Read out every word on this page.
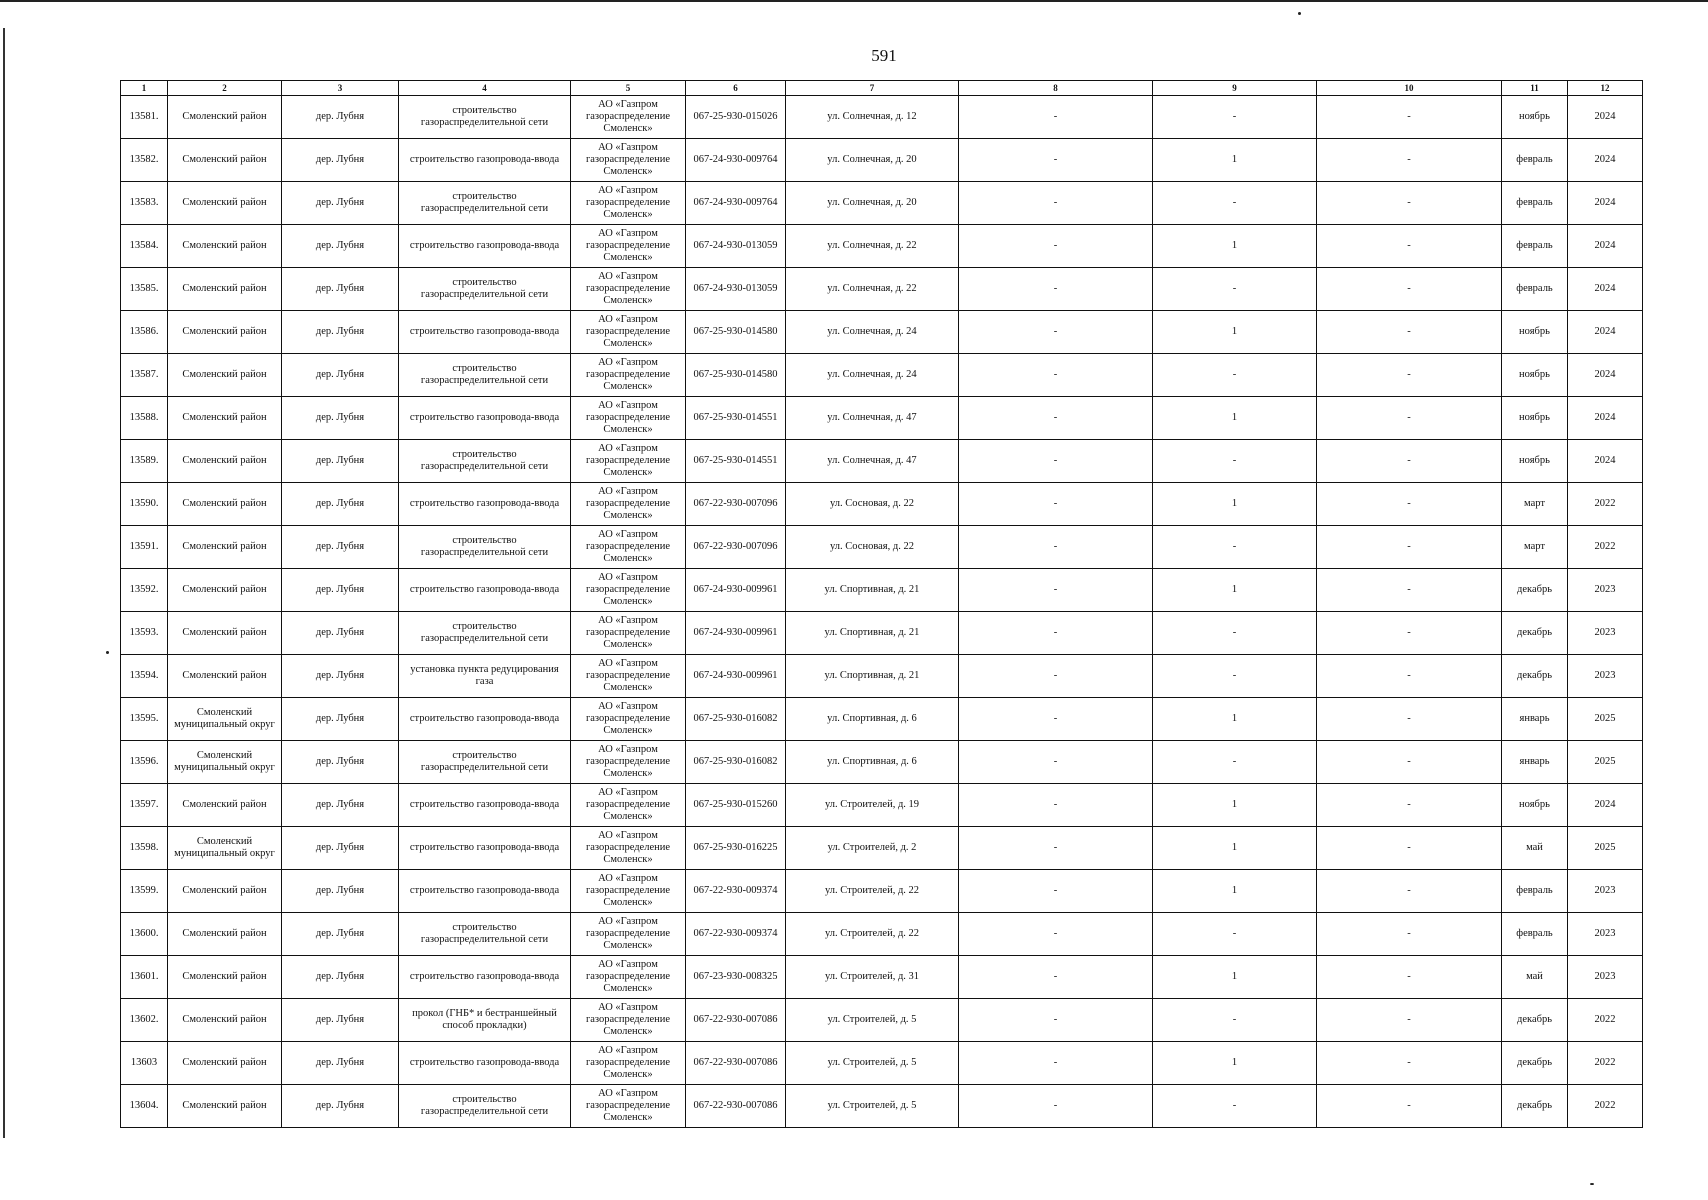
591
1	2	3	4	5	6	7	8	9	10	11	12
13581.	Смоленский район	дер. Лубня	строительство газораспределительной сети	АО «Газпром газораспределение Смоленск»	067-25-930-015026	ул. Солнечная, д. 12	-	-	-	ноябрь	2024
13582.	Смоленский район	дер. Лубня	строительство газопровода-ввода	АО «Газпром газораспределение Смоленск»	067-24-930-009764	ул. Солнечная, д. 20	-	1	-	февраль	2024
13583.	Смоленский район	дер. Лубня	строительство газораспределительной сети	АО «Газпром газораспределение Смоленск»	067-24-930-009764	ул. Солнечная, д. 20	-	-	-	февраль	2024
13584.	Смоленский район	дер. Лубня	строительство газопровода-ввода	АО «Газпром газораспределение Смоленск»	067-24-930-013059	ул. Солнечная, д. 22	-	1	-	февраль	2024
13585.	Смоленский район	дер. Лубня	строительство газораспределительной сети	АО «Газпром газораспределение Смоленск»	067-24-930-013059	ул. Солнечная, д. 22	-	-	-	февраль	2024
13586.	Смоленский район	дер. Лубня	строительство газопровода-ввода	АО «Газпром газораспределение Смоленск»	067-25-930-014580	ул. Солнечная, д. 24	-	1	-	ноябрь	2024
13587.	Смоленский район	дер. Лубня	строительство газораспределительной сети	АО «Газпром газораспределение Смоленск»	067-25-930-014580	ул. Солнечная, д. 24	-	-	-	ноябрь	2024
13588.	Смоленский район	дер. Лубня	строительство газопровода-ввода	АО «Газпром газораспределение Смоленск»	067-25-930-014551	ул. Солнечная, д. 47	-	1	-	ноябрь	2024
13589.	Смоленский район	дер. Лубня	строительство газораспределительной сети	АО «Газпром газораспределение Смоленск»	067-25-930-014551	ул. Солнечная, д. 47	-	-	-	ноябрь	2024
13590.	Смоленский район	дер. Лубня	строительство газопровода-ввода	АО «Газпром газораспределение Смоленск»	067-22-930-007096	ул. Сосновая, д. 22	-	1	-	март	2022
13591.	Смоленский район	дер. Лубня	строительство газораспределительной сети	АО «Газпром газораспределение Смоленск»	067-22-930-007096	ул. Сосновая, д. 22	-	-	-	март	2022
13592.	Смоленский район	дер. Лубня	строительство газопровода-ввода	АО «Газпром газораспределение Смоленск»	067-24-930-009961	ул. Спортивная, д. 21	-	1	-	декабрь	2023
13593.	Смоленский район	дер. Лубня	строительство газораспределительной сети	АО «Газпром газораспределение Смоленск»	067-24-930-009961	ул. Спортивная, д. 21	-	-	-	декабрь	2023
13594.	Смоленский район	дер. Лубня	установка пункта редуцирования газа	АО «Газпром газораспределение Смоленск»	067-24-930-009961	ул. Спортивная, д. 21	-	-	-	декабрь	2023
13595.	Смоленский муниципальный округ	дер. Лубня	строительство газопровода-ввода	АО «Газпром газораспределение Смоленск»	067-25-930-016082	ул. Спортивная, д. 6	-	1	-	январь	2025
13596.	Смоленский муниципальный округ	дер. Лубня	строительство газораспределительной сети	АО «Газпром газораспределение Смоленск»	067-25-930-016082	ул. Спортивная, д. 6	-	-	-	январь	2025
13597.	Смоленский район	дер. Лубня	строительство газопровода-ввода	АО «Газпром газораспределение Смоленск»	067-25-930-015260	ул. Строителей, д. 19	-	1	-	ноябрь	2024
13598.	Смоленский муниципальный округ	дер. Лубня	строительство газопровода-ввода	АО «Газпром газораспределение Смоленск»	067-25-930-016225	ул. Строителей, д. 2	-	1	-	май	2025
13599.	Смоленский район	дер. Лубня	строительство газопровода-ввода	АО «Газпром газораспределение Смоленск»	067-22-930-009374	ул. Строителей, д. 22	-	1	-	февраль	2023
13600.	Смоленский район	дер. Лубня	строительство газораспределительной сети	АО «Газпром газораспределение Смоленск»	067-22-930-009374	ул. Строителей, д. 22	-	-	-	февраль	2023
13601.	Смоленский район	дер. Лубня	строительство газопровода-ввода	АО «Газпром газораспределение Смоленск»	067-23-930-008325	ул. Строителей, д. 31	-	1	-	май	2023
13602.	Смоленский район	дер. Лубня	прокол (ГНБ* и бестраншейный способ прокладки)	АО «Газпром газораспределение Смоленск»	067-22-930-007086	ул. Строителей, д. 5	-	-	-	декабрь	2022
13603	Смоленский район	дер. Лубня	строительство газопровода-ввода	АО «Газпром газораспределение Смоленск»	067-22-930-007086	ул. Строителей, д. 5	-	1	-	декабрь	2022
13604.	Смоленский район	дер. Лубня	строительство газораспределительной сети	АО «Газпром газораспределение Смоленск»	067-22-930-007086	ул. Строителей, д. 5	-	-	-	декабрь	2022
